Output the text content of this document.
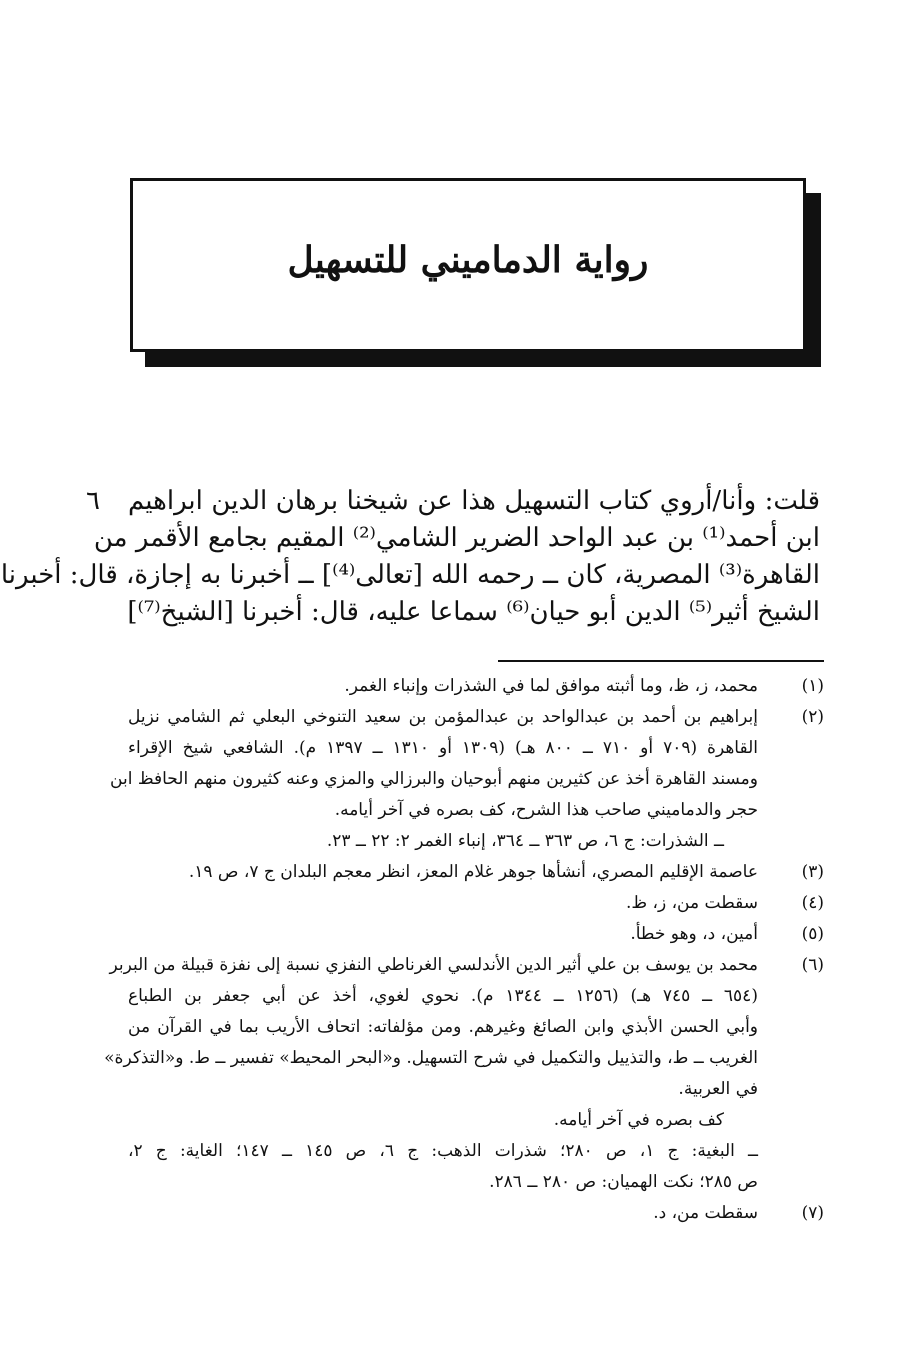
رواية الدماميني للتسهيل
٦ قلت: وأنا/أروي كتاب التسهيل هذا عن شيخنا برهان الدين ابراهيم
ابن أحمد⁽¹⁾ بن عبد الواحد الضرير الشامي⁽²⁾ المقيم بجامع الأقمر من
القاهرة⁽³⁾ المصرية، كان ــ رحمه الله [تعالى⁽⁴⁾] ــ أخبرنا به إجازة، قال: أخبرنا
الشيخ أثير⁽⁵⁾ الدين أبو حيان⁽⁶⁾ سماعا عليه، قال: أخبرنا [الشيخ⁽⁷⁾]
(١)
محمد، ز، ظ، وما أثبته موافق لما في الشذرات وإنباء الغمر.
(٢)
إبراهيم بن أحمد بن عبدالواحد بن عبدالمؤمن بن سعيد التنوخي البعلي ثم الشامي نزيل
القاهرة (٧٠٩ أو ٧١٠ ــ ٨٠٠ هـ) (١٣٠٩ أو ١٣١٠ ــ ١٣٩٧ م). الشافعي شيخ الإقراء
ومسند القاهرة أخذ عن كثيرين منهم أبوحيان والبرزالي والمزي وعنه كثيرون منهم الحافظ ابن
حجر والدماميني صاحب هذا الشرح، كف بصره في آخر أيامه.
ــ الشذرات: ج ٦، ص ٣٦٣ ــ ٣٦٤، إنباء الغمر ٢: ٢٢ ــ ٢٣.
(٣)
عاصمة الإقليم المصري، أنشأها جوهر غلام المعز، انظر معجم البلدان ج ٧، ص ١٩.
(٤)
سقطت من، ز، ظ.
(٥)
أمين، د، وهو خطأ.
(٦)
محمد بن يوسف بن علي أثير الدين الأندلسي الغرناطي النفزي نسبة إلى نفزة قبيلة من البربر
(٦٥٤ ــ ٧٤٥ هـ) (١٢٥٦ ــ ١٣٤٤ م). نحوي لغوي، أخذ عن أبي جعفر بن الطباع
وأبي الحسن الأبذي وابن الصائغ وغيرهم. ومن مؤلفاته: اتحاف الأريب بما في القرآن من
الغريب ــ ط، والتذييل والتكميل في شرح التسهيل. و«البحر المحيط» تفسير ــ ط. و«التذكرة»
في العربية.
كف بصره في آخر أيامه.
ــ البغية: ج ١، ص ٢٨٠؛ شذرات الذهب: ج ٦، ص ١٤٥ ــ ١٤٧؛ الغاية: ج ٢،
ص ٢٨٥؛ نكت الهميان: ص ٢٨٠ ــ ٢٨٦.
(٧)
سقطت من، د.
